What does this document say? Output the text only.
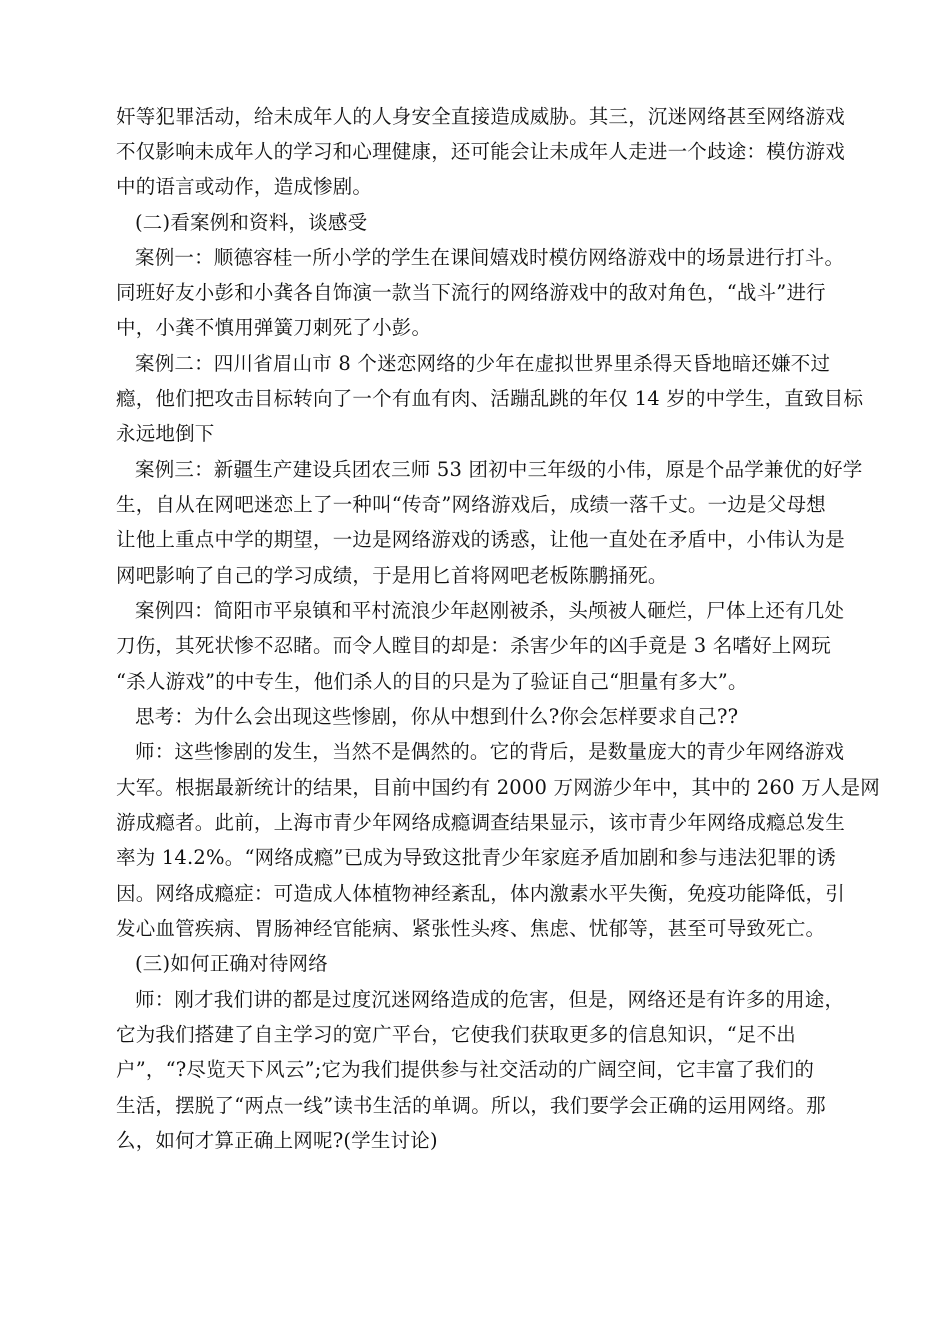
奸等犯罪活动，给未成年人的人身安全直接造成威胁。其三，沉迷网络甚至网络游戏
不仅影响未成年人的学习和心理健康，还可能会让未成年人走进一个歧途：模仿游戏
中的语言或动作，造成惨剧。
(二)看案例和资料，谈感受
案例一：顺德容桂一所小学的学生在课间嬉戏时模仿网络游戏中的场景进行打斗。
同班好友小彭和小龚各自饰演一款当下流行的网络游戏中的敌对角色，“战斗”进行
中，小龚不慎用弹簧刀刺死了小彭。
案例二：四川省眉山市 8 个迷恋网络的少年在虚拟世界里杀得天昏地暗还嫌不过
瘾，他们把攻击目标转向了一个有血有肉、活蹦乱跳的年仅 14 岁的中学生，直致目标
永远地倒下
案例三：新疆生产建设兵团农三师 53 团初中三年级的小伟，原是个品学兼优的好学
生，自从在网吧迷恋上了一种叫“传奇”网络游戏后，成绩一落千丈。一边是父母想
让他上重点中学的期望，一边是网络游戏的诱惑，让他一直处在矛盾中，小伟认为是
网吧影响了自己的学习成绩，于是用匕首将网吧老板陈鹏捅死。
案例四：简阳市平泉镇和平村流浪少年赵刚被杀，头颅被人砸烂，尸体上还有几处
刀伤，其死状惨不忍睹。而令人瞠目的却是：杀害少年的凶手竟是 3 名嗜好上网玩
“杀人游戏”的中专生，他们杀人的目的只是为了验证自己“胆量有多大”。
思考：为什么会出现这些惨剧，你从中想到什么?你会怎样要求自己??
师：这些惨剧的发生，当然不是偶然的。它的背后，是数量庞大的青少年网络游戏
大军。根据最新统计的结果，目前中国约有 2000 万网游少年中，其中的 260 万人是网
游成瘾者。此前，上海市青少年网络成瘾调查结果显示，该市青少年网络成瘾总发生
率为 14.2%。“网络成瘾”已成为导致这批青少年家庭矛盾加剧和参与违法犯罪的诱
因。网络成瘾症：可造成人体植物神经紊乱，体内激素水平失衡，免疫功能降低，引
发心血管疾病、胃肠神经官能病、紧张性头疼、焦虑、忧郁等，甚至可导致死亡。
(三)如何正确对待网络
师：刚才我们讲的都是过度沉迷网络造成的危害，但是，网络还是有许多的用途，
它为我们搭建了自主学习的宽广平台，它使我们获取更多的信息知识，“足不出
户”，“?尽览天下风云”;它为我们提供参与社交活动的广阔空间，它丰富了我们的
生活，摆脱了“两点一线”读书生活的单调。所以，我们要学会正确的运用网络。那
么，如何才算正确上网呢?(学生讨论)
